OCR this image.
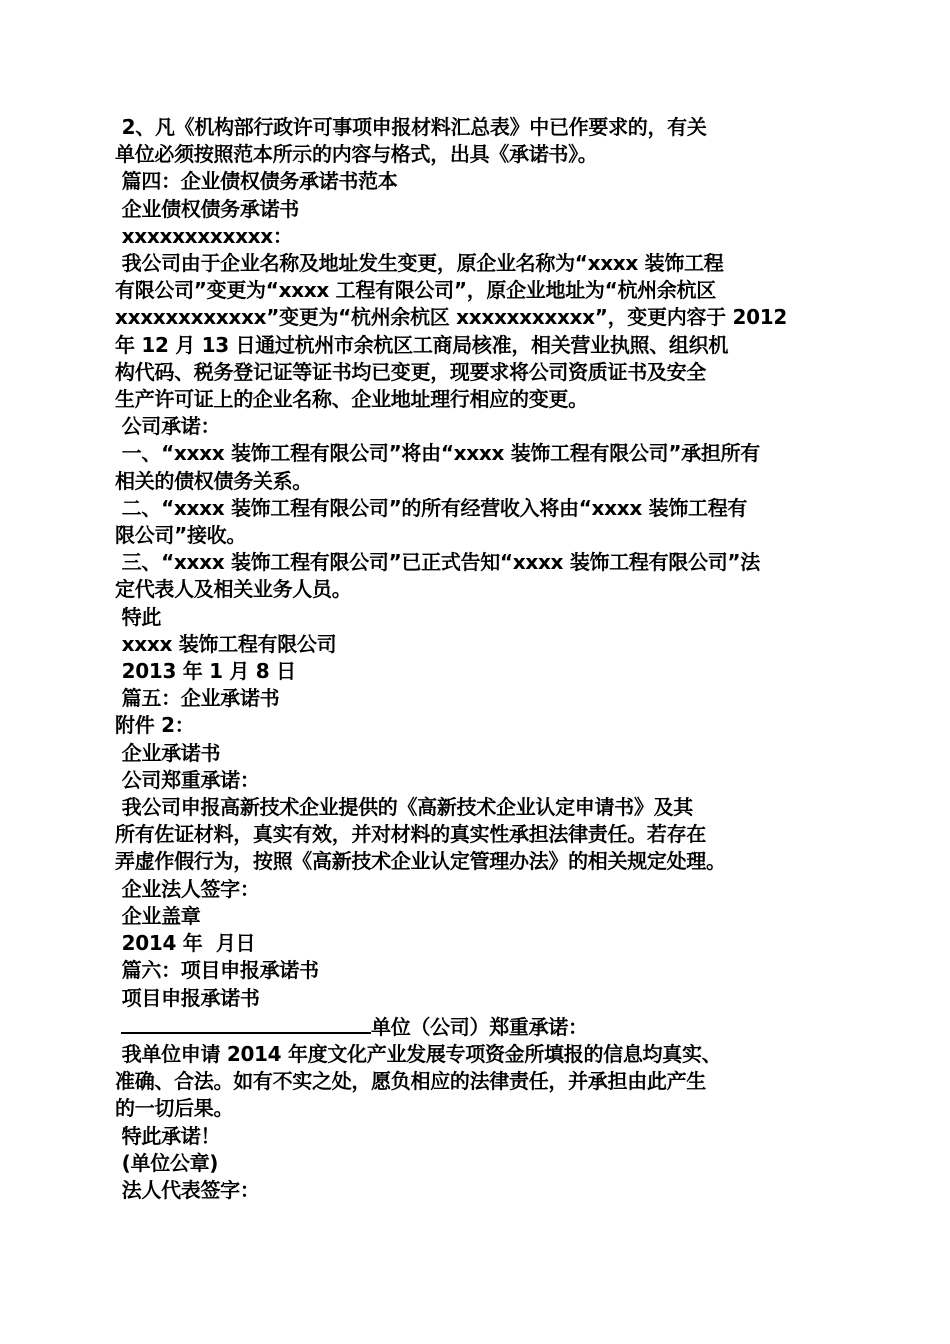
2、凡《机构部行政许可事项申报材料汇总表》中已作要求的，有关
单位必须按照范本所示的内容与格式，出具《承诺书》。
篇四：企业债权债务承诺书范本
企业债权债务承诺书
xxxxxxxxxxxx：
我公司由于企业名称及地址发生变更，原企业名称为“xxxx 装饰工程
有限公司”变更为“xxxx 工程有限公司”，原企业地址为“杭州余杭区
xxxxxxxxxxxx”变更为“杭州余杭区 xxxxxxxxxxx”，变更内容于 2012
年 12 月 13 日通过杭州市余杭区工商局核准，相关营业执照、组织机
构代码、税务登记证等证书均已变更，现要求将公司资质证书及安全
生产许可证上的企业名称、企业地址理行相应的变更。
公司承诺：
一、“xxxx 装饰工程有限公司”将由“xxxx 装饰工程有限公司”承担所有
相关的债权债务关系。
二、“xxxx 装饰工程有限公司”的所有经营收入将由“xxxx 装饰工程有
限公司”接收。
三、“xxxx 装饰工程有限公司”已正式告知“xxxx 装饰工程有限公司”法
定代表人及相关业务人员。
特此
xxxx 装饰工程有限公司
2013 年 1 月 8 日
篇五：企业承诺书
附件 2：
企业承诺书
公司郑重承诺：
我公司申报高新技术企业提供的《高新技术企业认定申请书》及其
所有佐证材料，真实有效，并对材料的真实性承担法律责任。若存在
弄虚作假行为，按照《高新技术企业认定管理办法》的相关规定处理。
企业法人签字：
企业盖章
2014 年  月日
篇六：项目申报承诺书
项目申报承诺书
单位（公司）郑重承诺：
我单位申请 2014 年度文化产业发展专项资金所填报的信息均真实、
准确、合法。如有不实之处，愿负相应的法律责任，并承担由此产生
的一切后果。
特此承诺！
(单位公章)
法人代表签字：
